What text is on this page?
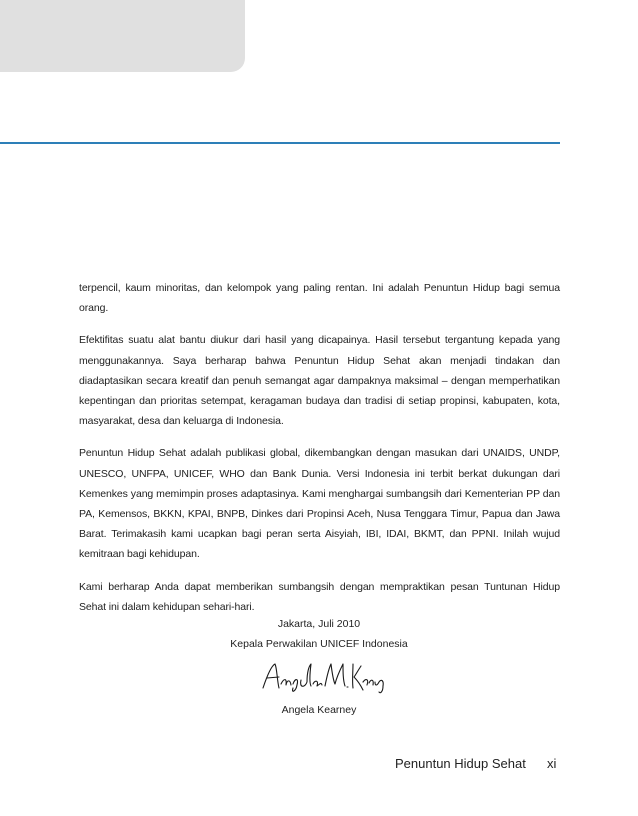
terpencil, kaum minoritas, dan kelompok yang paling rentan. Ini adalah Penuntun Hidup bagi semua orang.

Efektifitas suatu alat bantu diukur dari hasil yang dicapainya. Hasil tersebut tergantung kepada yang menggunakannya. Saya berharap bahwa Penuntun Hidup Sehat akan menjadi tindakan dan diadaptasikan secara kreatif dan penuh semangat agar dampaknya maksimal – dengan memperhatikan kepentingan dan prioritas setempat, keragaman budaya dan tradisi di setiap propinsi, kabupaten, kota, masyarakat, desa dan keluarga di Indonesia.

Penuntun Hidup Sehat adalah publikasi global, dikembangkan dengan masukan dari UNAIDS, UNDP, UNESCO, UNFPA, UNICEF, WHO dan Bank Dunia. Versi Indonesia ini terbit berkat dukungan dari Kemenkes yang memimpin proses adaptasinya. Kami menghargai sumbangsih dari Kementerian PP dan PA, Kemensos, BKKN, KPAI, BNPB, Dinkes dari Propinsi Aceh, Nusa Tenggara Timur, Papua dan Jawa Barat. Terimakasih kami ucapkan bagi peran serta Aisyiah, IBI, IDAI, BKMT, dan PPNI. Inilah wujud kemitraan bagi kehidupan.

Kami berharap Anda dapat memberikan sumbangsih dengan mempraktikan pesan Tuntunan Hidup Sehat ini dalam kehidupan sehari-hari.

Jakarta, Juli 2010

Kepala Perwakilan UNICEF Indonesia

Angela Kearney

Penuntun Hidup Sehat xi
